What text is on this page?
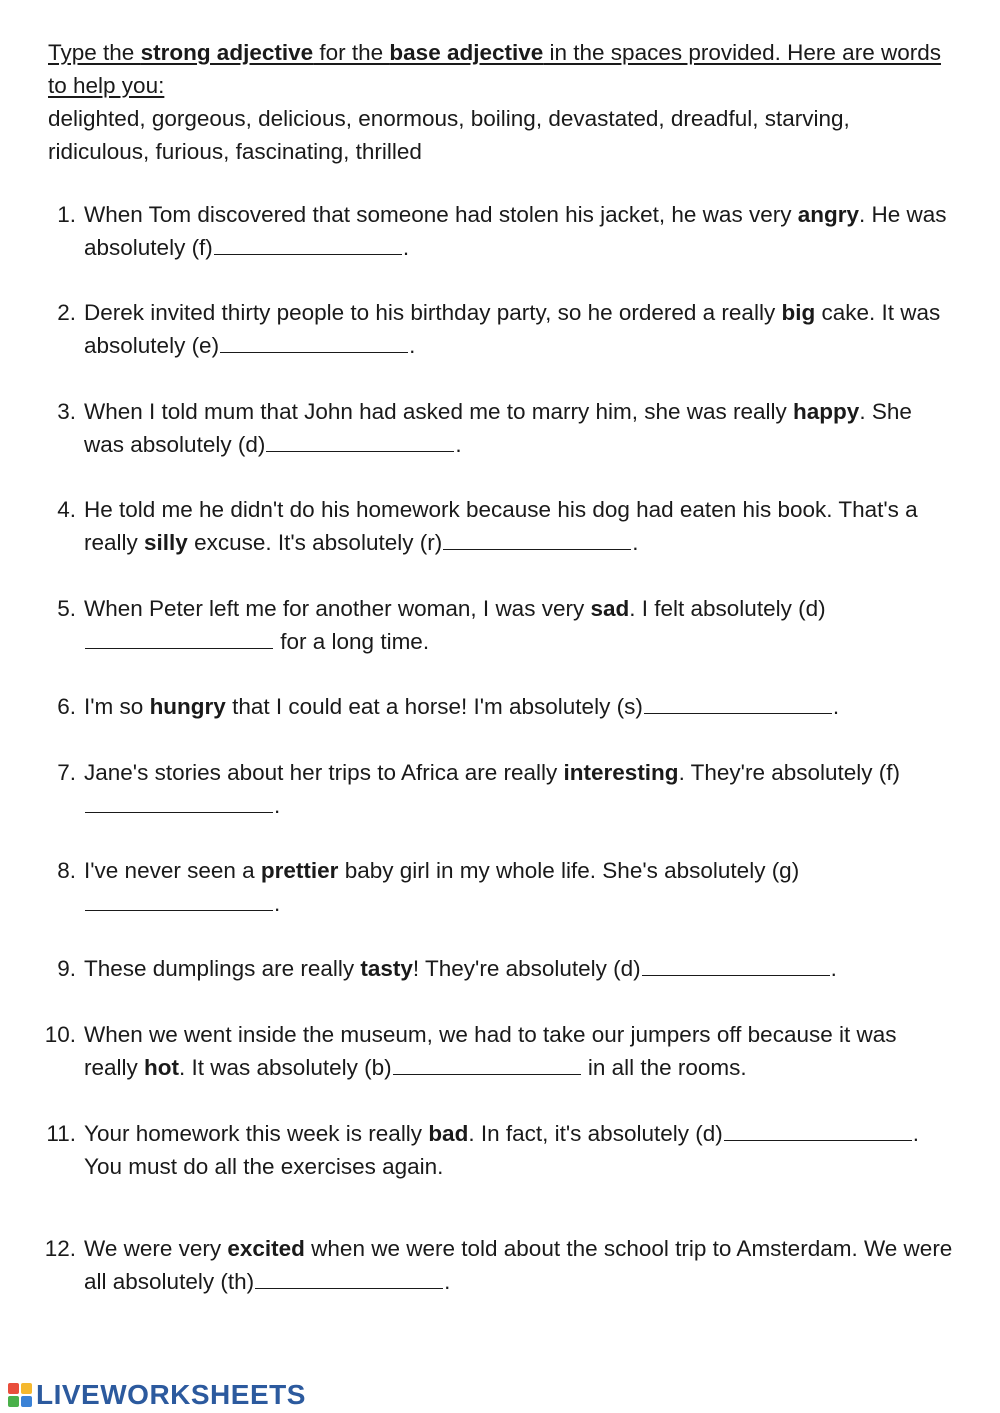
Type the strong adjective for the base adjective in the spaces provided. Here are words to help you:
delighted, gorgeous, delicious, enormous, boiling, devastated, dreadful, starving, ridiculous, furious, fascinating, thrilled
1. When Tom discovered that someone had stolen his jacket, he was very angry. He was absolutely (f)	.
2. Derek invited thirty people to his birthday party, so he ordered a really big cake. It was absolutely (e)	.
3. When I told mum that John had asked me to marry him, she was really happy. She was absolutely (d)	.
4. He told me he didn't do his homework because his dog had eaten his book. That's a really silly excuse. It's absolutely (r)	.
5. When Peter left me for another woman, I was very sad. I felt absolutely (d) for a long time.
6. I'm so hungry that I could eat a horse! I'm absolutely (s)	.
7. Jane's stories about her trips to Africa are really interesting. They're absolutely (f).
8. I've never seen a prettier baby girl in my whole life. She's absolutely (g).
9. These dumplings are really tasty! They're absolutely (d)	.
10. When we went inside the museum, we had to take our jumpers off because it was really hot. It was absolutely (b)	in all the rooms.
11. Your homework this week is really bad. In fact, it's absolutely (d)	. You must do all the exercises again.
12. We were very excited when we were told about the school trip to Amsterdam. We were all absolutely (th)	.
LIVEWORKSHEETS
